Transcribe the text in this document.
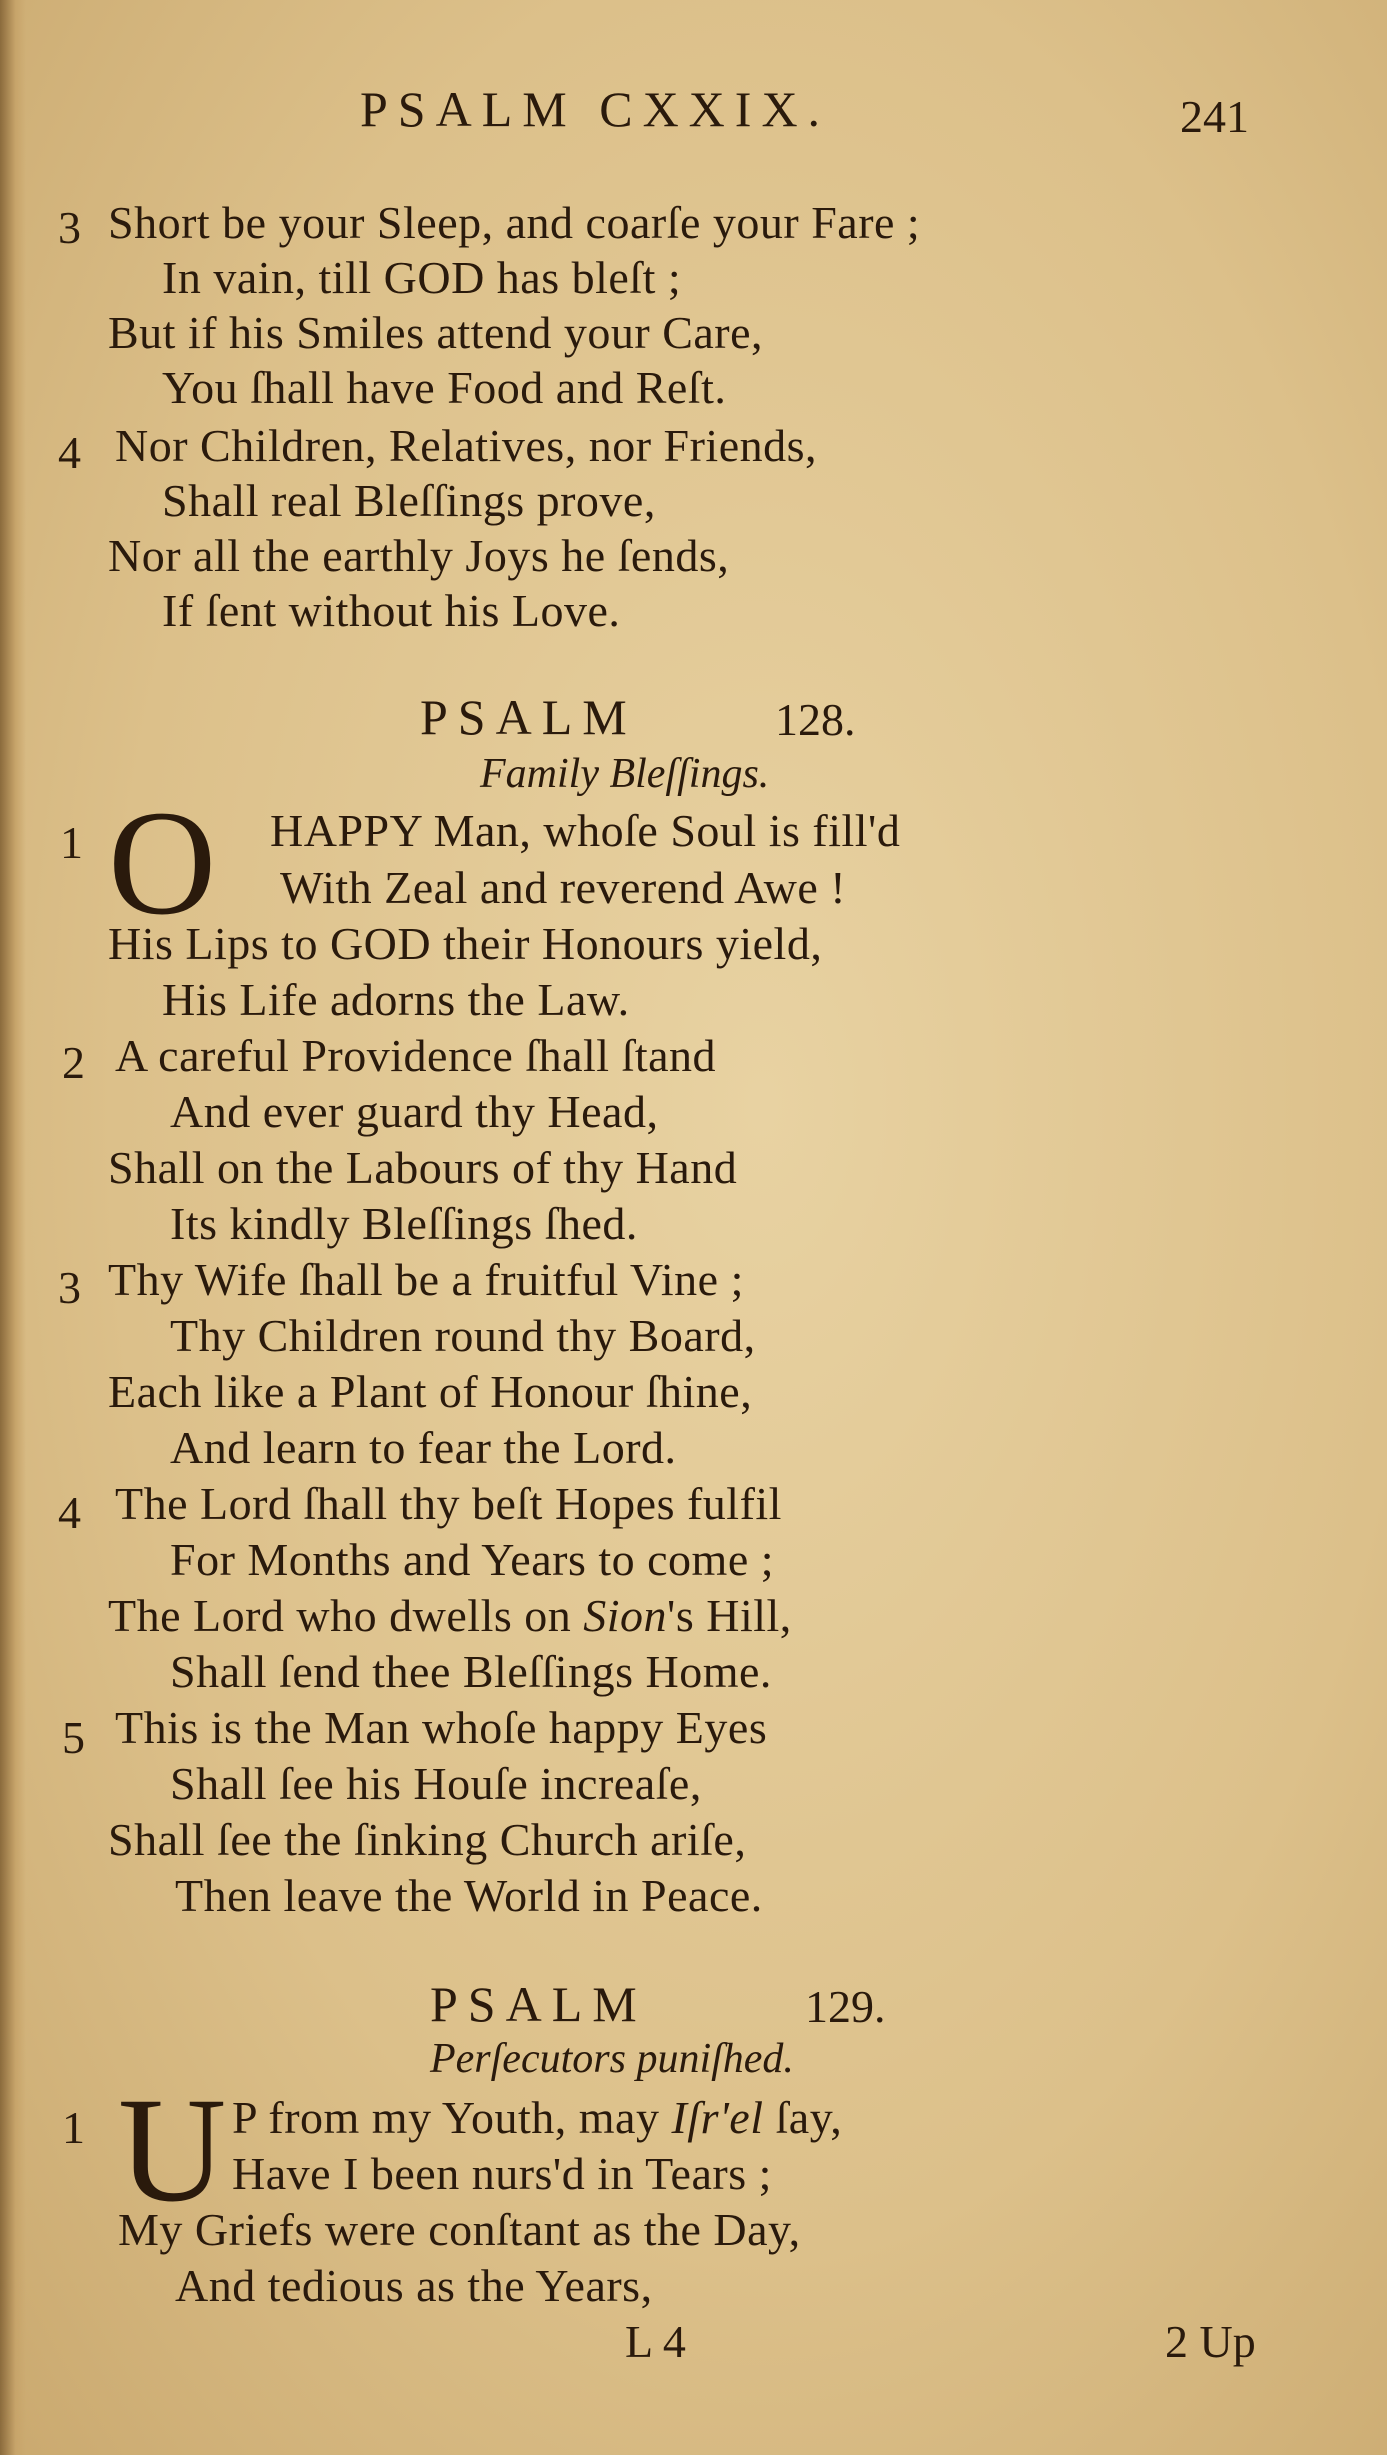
PSALM CXXIX.	241
3 Short be your Sleep, and coarſe your Fare ;
In vain, till GOD has bleſt ;
But if his Smiles attend your Care,
You ſhall have Food and Reſt.
4 Nor Children, Relatives, nor Friends,
Shall real Bleſſings prove,
Nor all the earthly Joys he ſends,
If ſent without his Love.
PSALM	128.
Family Bleſſings.
1 O HAPPY Man, whoſe Soul is fill'd
With Zeal and reverend Awe !
His Lips to GOD their Honours yield,
His Life adorns the Law.
2 A careful Providence ſhall ſtand
And ever guard thy Head,
Shall on the Labours of thy Hand
Its kindly Bleſſings ſhed.
3 Thy Wife ſhall be a fruitful Vine ;
Thy Children round thy Board,
Each like a Plant of Honour ſhine,
And learn to fear the Lord.
4 The Lord ſhall thy beſt Hopes fulfil
For Months and Years to come ;
The Lord who dwells on Sion's Hill,
Shall ſend thee Bleſſings Home.
5 This is the Man whoſe happy Eyes
Shall ſee his Houſe increaſe,
Shall ſee the ſinking Church ariſe,
Then leave the World in Peace.
PSALM	129.
Perſecutors puniſhed.
1 U P from my Youth, may Iſr'el ſay,
Have I been nurs'd in Tears ;
My Griefs were conſtant as the Day,
And tedious as the Years,
L 4	2 Up
